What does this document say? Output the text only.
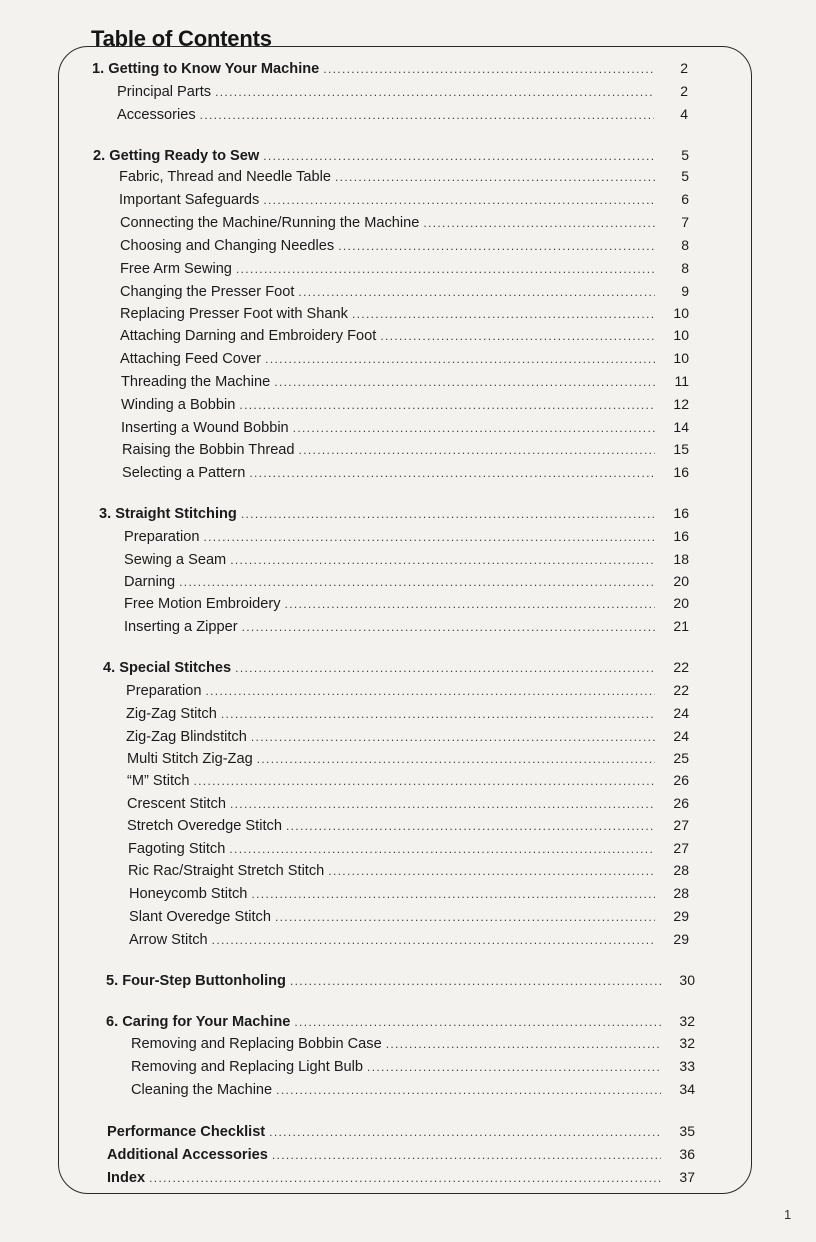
Table of Contents
1. Getting to Know Your Machine . . .	2
Principal Parts . . .	2
Accessories . . .	4
2. Getting Ready to Sew . . .	5
Fabric, Thread and Needle Table . . .	5
Important Safeguards . . .	6
Connecting the Machine/Running the Machine . . .	7
Choosing and Changing Needles . . .	8
Free Arm Sewing . . .	8
Changing the Presser Foot . . .	9
Replacing Presser Foot with Shank . . .	10
Attaching Darning and Embroidery Foot . . .	10
Attaching Feed Cover . . .	10
Threading the Machine . . .	11
Winding a Bobbin . . .	12
Inserting a Wound Bobbin . . .	14
Raising the Bobbin Thread . . .	15
Selecting a Pattern . . .	16
3. Straight Stitching . . .	16
Preparation . . .	16
Sewing a Seam . . .	18
Darning . . .	20
Free Motion Embroidery . . .	20
Inserting a Zipper . . .	21
4. Special Stitches . . .	22
Preparation . . .	22
Zig-Zag Stitch . . .	24
Zig-Zag Blindstitch . . .	24
Multi Stitch Zig-Zag . . .	25
“M” Stitch . . .	26
Crescent Stitch . . .	26
Stretch Overedge Stitch . . .	27
Fagoting Stitch . . .	27
Ric Rac/Straight Stretch Stitch . . .	28
Honeycomb Stitch . . .	28
Slant Overedge Stitch . . .	29
Arrow Stitch . . .	29
5. Four-Step Buttonholing . . .	30
6. Caring for Your Machine . . .	32
Removing and Replacing Bobbin Case . . .	32
Removing and Replacing Light Bulb . . .	33
Cleaning the Machine . . .	34
Performance Checklist . . .	35
Additional Accessories . . .	36
Index . . .	37
1
